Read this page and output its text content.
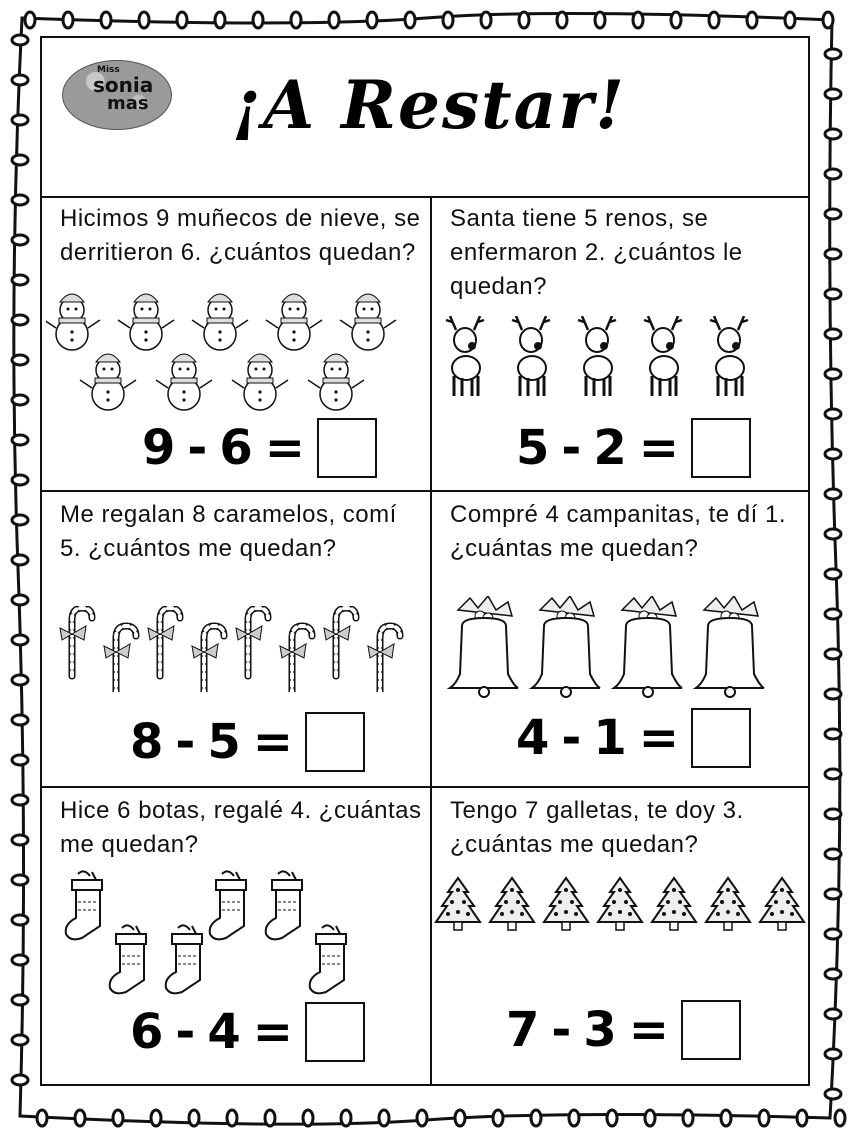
Miss
sonia
mas ¡A Restar!
Hicimos 9 muñecos de nieve, se derritieron 6. ¿cuántos quedan?
9 - 6 =
Santa tiene 5 renos, se enfermaron 2. ¿cuántos le quedan?
5 - 2 =
Me regalan 8 caramelos, comí 5. ¿cuántos me quedan?
8 - 5 =
Compré 4 campanitas, te dí 1. ¿cuántas me quedan?
4 - 1 =
Hice 6 botas, regalé 4. ¿cuántas me quedan?
6 - 4 =
Tengo 7 galletas, te doy 3. ¿cuántas me quedan?
7 - 3 =
